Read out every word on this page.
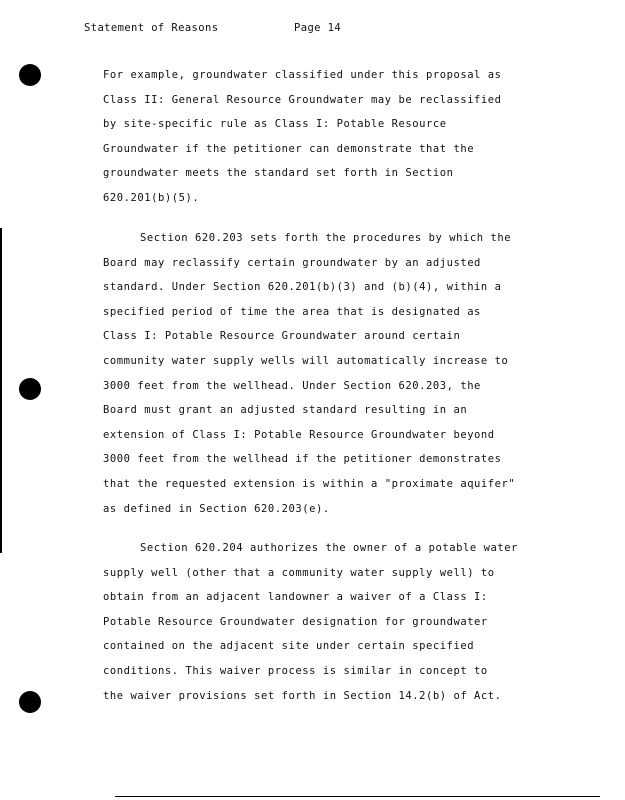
Statement of Reasons	Page 14
For example, groundwater classified under this proposal as
Class II: General Resource Groundwater may be reclassified
by site-specific rule as Class I: Potable Resource
Groundwater if the petitioner can demonstrate that the
groundwater meets the standard set forth in Section
620.201(b)(5).
Section 620.203 sets forth the procedures by which the
Board may reclassify certain groundwater by an adjusted
standard. Under Section 620.201(b)(3) and (b)(4), within a
specified period of time the area that is designated as
Class I: Potable Resource Groundwater around certain
community water supply wells will automatically increase to
3000 feet from the wellhead. Under Section 620.203, the
Board must grant an adjusted standard resulting in an
extension of Class I: Potable Resource Groundwater beyond
3000 feet from the wellhead if the petitioner demonstrates
that the requested extension is within a "proximate aquifer"
as defined in Section 620.203(e).
Section 620.204 authorizes the owner of a potable water
supply well (other that a community water supply well) to
obtain from an adjacent landowner a waiver of a Class I:
Potable Resource Groundwater designation for groundwater
contained on the adjacent site under certain specified
conditions. This waiver process is similar in concept to
the waiver provisions set forth in Section 14.2(b) of Act.
